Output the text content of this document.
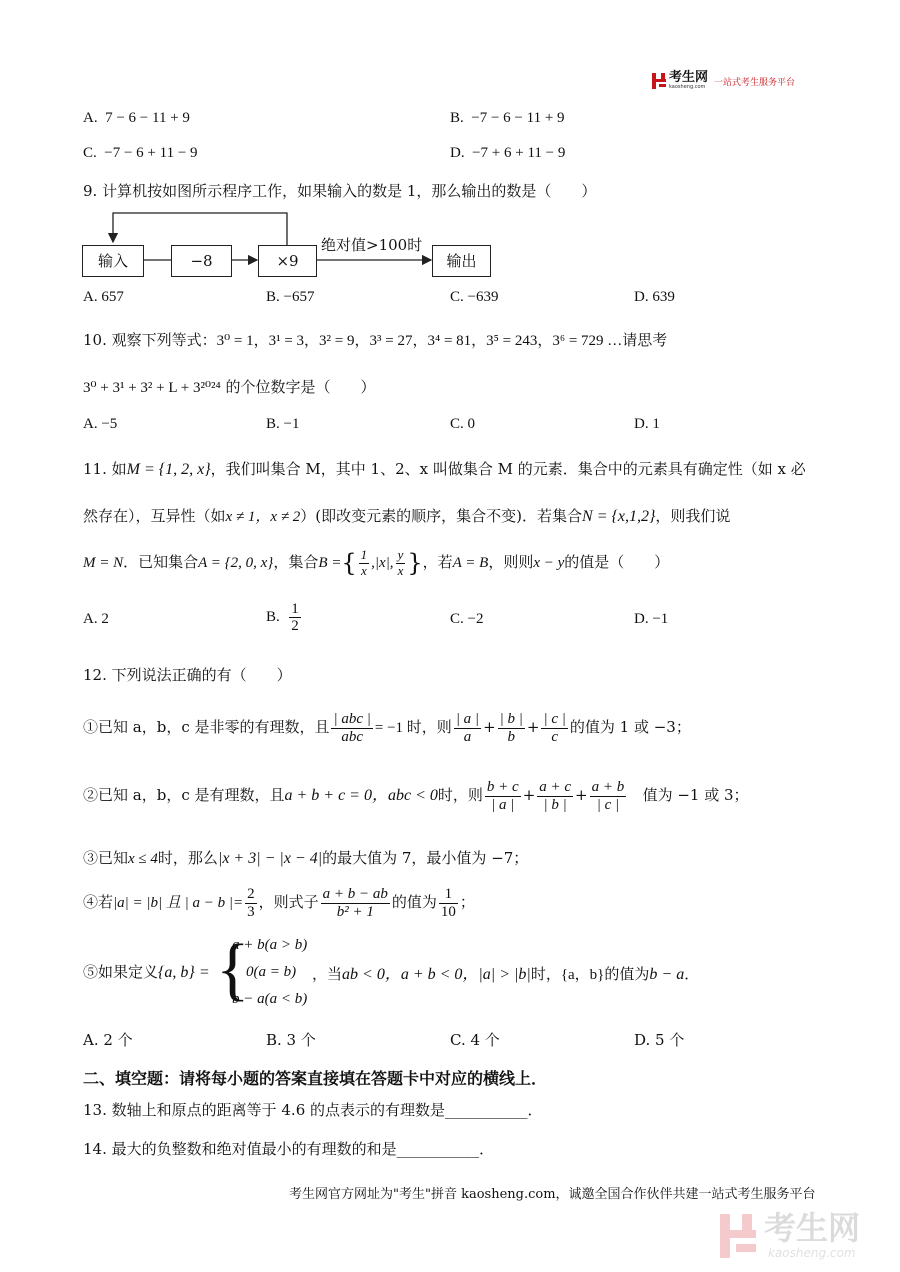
考生网
kaosheng.com 一站式考生服务平台
A. 7 − 6 − 11 + 9	B. −7 − 6 − 11 + 9
C. −7 − 6 + 11 − 9	D. −7 + 6 + 11 − 9
9. 计算机按如图所示程序工作，如果输入的数是 1，那么输出的数是（　　）
输入	−8	×9
绝对值>100时
输出
A. 657	B. −657	C. −639	D. 639
10. 观察下列等式：3⁰ = 1，3¹ = 3，3² = 9，3³ = 27，3⁴ = 81，3⁵ = 243，3⁶ = 729 …请思考
3⁰ + 3¹ + 3² + L + 3²⁰²⁴ 的个位数字是（　　）
A. −5	B. −1	C. 0	D. 1
11. 如M = {1, 2, x}，我们叫集合 M，其中 1、2、x 叫做集合 M 的元素．集合中的元素具有确定性（如 x 必
然存在），互异性（如x ≠ 1，x ≠ 2）(即改变元素的顺序，集合不变)．若集合N = {x,1,2}，则我们说
M = N．已知集合A = {2, 0, x}，集合B ={ $\frac{1}{x} ,|x|$, $\frac{y}{x}$ }，若A = B，则则x − y的值是（　　）
A. 2	B. $\frac{1}{2}$	C. −2	D. −1
12. 下列说法正确的有（　　）
①已知 a，b，c 是非零的有理数，且 $\frac{\text{| abc |}}{\text{abc}} = -1$ 时，则 $\frac{| a |}{a} + \frac{| b |}{b} + \frac{| c |}{c}$ 的值为 1 或 −3；
②已知 a，b，c 是有理数，且a + b + c = 0，abc < 0时，则 $\frac{b + c}{| a |} + \frac{a + c}{| b |} + \frac{a + b}{| c |}$ 值为 −1 或 3；
③已知x ≤ 4时，那么|x + 3| − |x − 4|的最大值为 7，最小值为 −7；
④若|a| = |b| 且 | a − b |= $\frac{2}{3}$ ，则式子 $\frac{a + b - ab}{\text{b² + 1}}$ 的值为 $\frac{1}{10}$ ；
⑤如果定义{a, b} = {
a + b(a > b)
0(a = b)
b − a(a < b)
，当ab < 0，a + b < 0，|a| > |b|时，{a，b}的值为b − a．
A. 2 个	B. 3 个	C. 4 个	D. 5 个
二、填空题：请将每小题的答案直接填在答题卡中对应的横线上．
13. 数轴上和原点的距离等于 4.6 的点表示的有理数是___________．
14. 最大的负整数和绝对值最小的有理数的和是___________．
考生网官方网址为"考生"拼音 kaosheng.com，诚邀全国合作伙伴共建一站式考生服务平台
考生网
kaosheng.com
